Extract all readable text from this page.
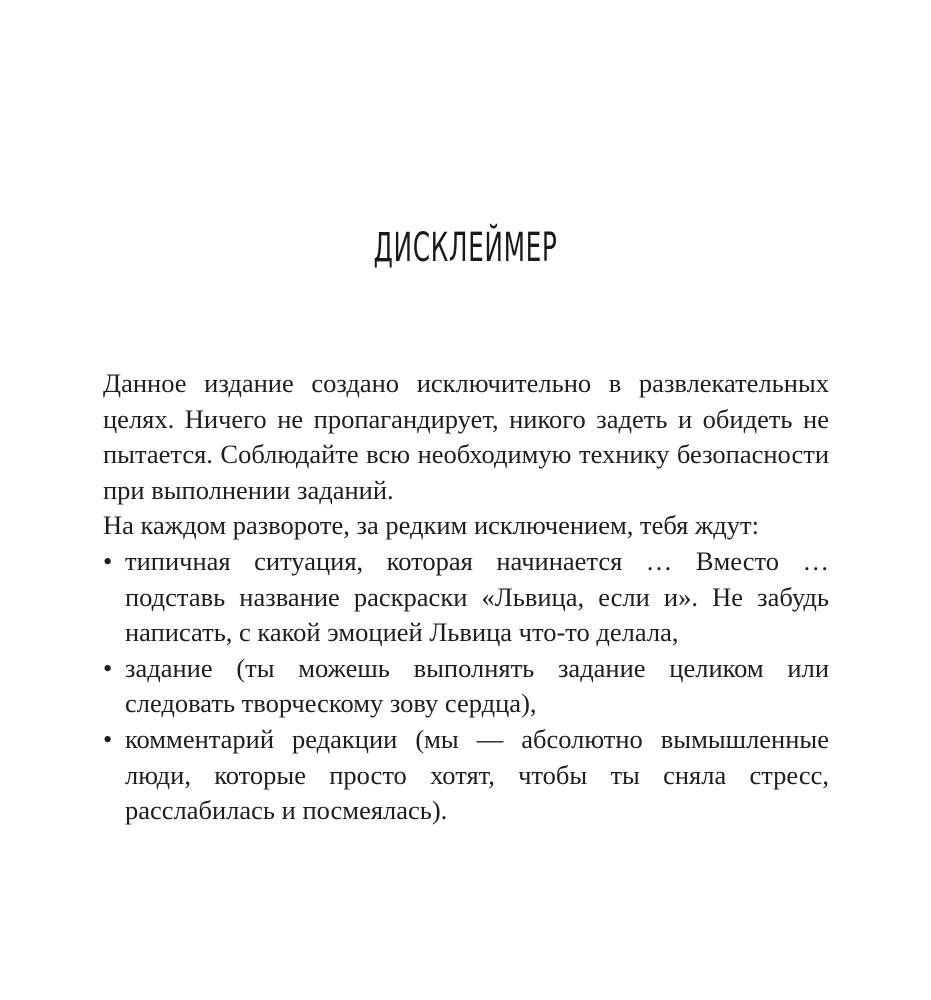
ДИСКЛЕЙМЕР

Данное издание создано исключительно в развлекательных целях. Ничего не пропагандирует, никого задеть и обидеть не пытается. Соблюдайте всю необходимую технику безопасности при выполнении заданий.

На каждом развороте, за редким исключением, тебя ждут:

• типичная ситуация, которая начинается … Вместо … подставь название раскраски «Львица, если и». Не забудь написать, с какой эмоцией Львица что-то делала,
• задание (ты можешь выполнять задание целиком или следовать творческому зову сердца),
• комментарий редакции (мы — абсолютно вымышленные люди, которые просто хотят, чтобы ты сняла стресс, расслабилась и посмеялась).
